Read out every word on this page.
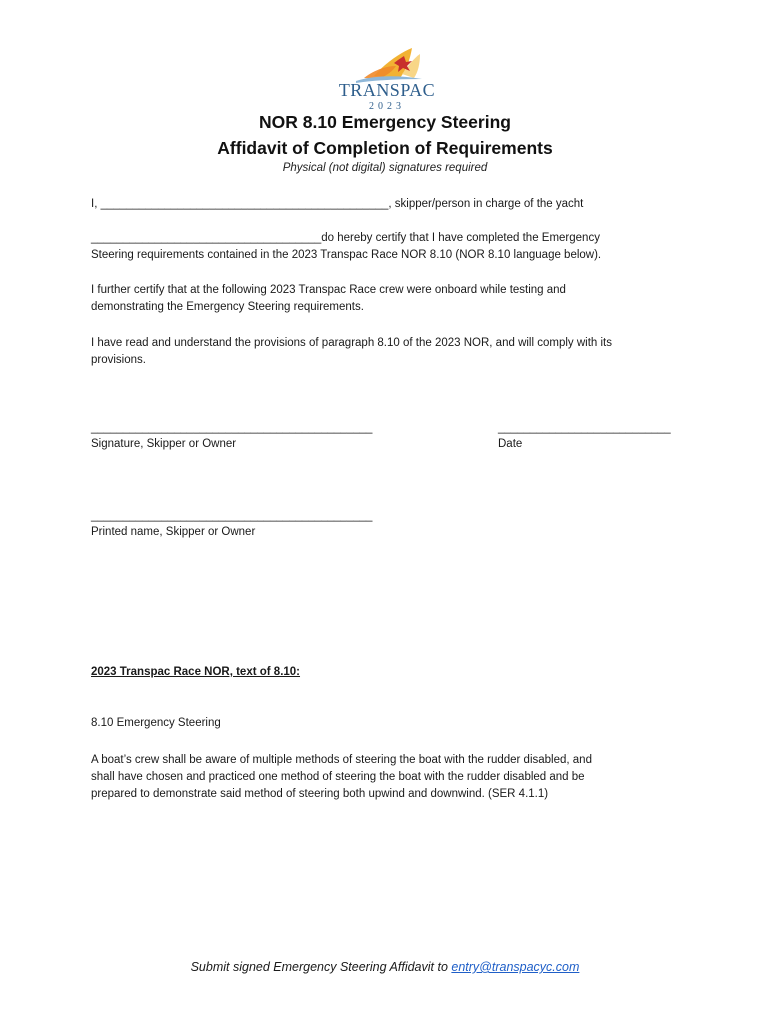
TRANSPAC
2023
NOR 8.10 Emergency Steering
Affidavit of Completion of Requirements
Physical (not digital) signatures required
I, _____________________________________________, skipper/person in charge of the yacht
____________________________________do hereby certify that I have completed the Emergency
Steering requirements contained in the 2023 Transpac Race NOR 8.10 (NOR 8.10 language below).
I further certify that at the following 2023 Transpac Race crew were onboard while testing and
demonstrating the Emergency Steering requirements.
I have read and understand the provisions of paragraph 8.10 of the 2023 NOR, and will comply with its
provisions.
____________________________________________
Signature, Skipper or Owner
___________________________
Date
____________________________________________
Printed name, Skipper or Owner
2023 Transpac Race NOR, text of 8.10:
8.10 Emergency Steering
A boat’s crew shall be aware of multiple methods of steering the boat with the rudder disabled, and
shall have chosen and practiced one method of steering the boat with the rudder disabled and be
prepared to demonstrate said method of steering both upwind and downwind. (SER 4.1.1)
Submit signed Emergency Steering Affidavit to entry@transpacyc.com
